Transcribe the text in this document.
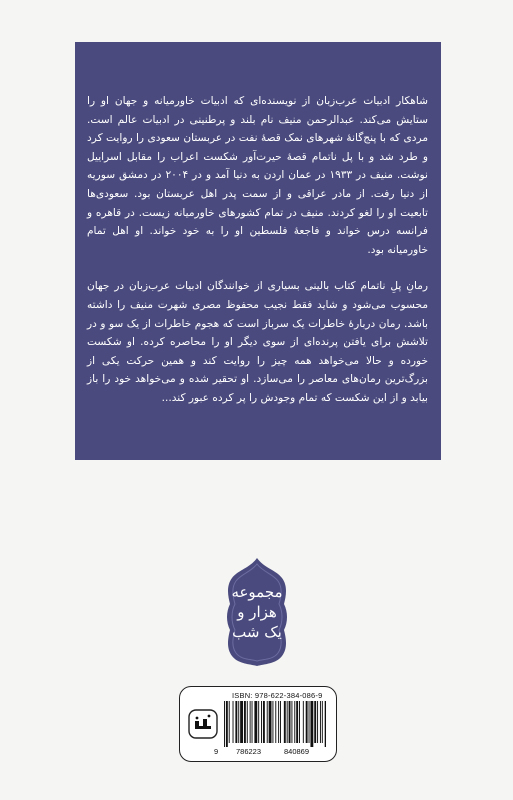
شاهکار ادبیات عرب‌زبان از نویسنده‌ای که ادبیات خاورمیانه و جهان او را ستایش می‌کند. عبدالرحمن منیف نام بلند و پرطنینی در ادبیات عالم است. مردی که با پنج‌گانهٔ شهرهای نمک قصهٔ نفت در عربستان سعودی را روایت کرد و طرد شد و با پل ناتمام قصهٔ حیرت‌آور شکست اعراب را مقابل اسراییل نوشت. منیف در ۱۹۳۳ در عمان اردن به دنیا آمد و در ۲۰۰۴ در دمشق سوریه از دنیا رفت. از مادر عراقی و از سمت پدر اهل عربستان بود. سعودی‌ها تابعیت او را لغو کردند. منیف در تمام کشورهای خاورمیانه زیست. در قاهره و فرانسه درس خواند و فاجعهٔ فلسطین او را به خود خواند. او اهل تمام خاورمیانه بود.

رمانِ پلِ ناتمام کتاب بالینی بسیاری از خوانندگان ادبیات عرب‌زبان در جهان محسوب می‌شود و شاید فقط نجیب محفوظ مصری شهرت منیف را داشته باشد. رمان دربارهٔ خاطرات یک سرباز است که هجوم خاطرات از یک سو و در تلاشش برای یافتن پرنده‌ای از سوی دیگر او را محاصره کرده. او شکست خورده و حالا می‌خواهد همه چیز را روایت کند و همین حرکت یکی از بزرگ‌ترین رمان‌های معاصر را می‌سازد. او تحقیر شده و می‌خواهد خود را باز بیابد و از این شکست که تمام وجودش را پر کرده عبور کند...

مجموعه
هزار و
یک شب
ISBN: 978-622-384-086-9
9 786223	840869
